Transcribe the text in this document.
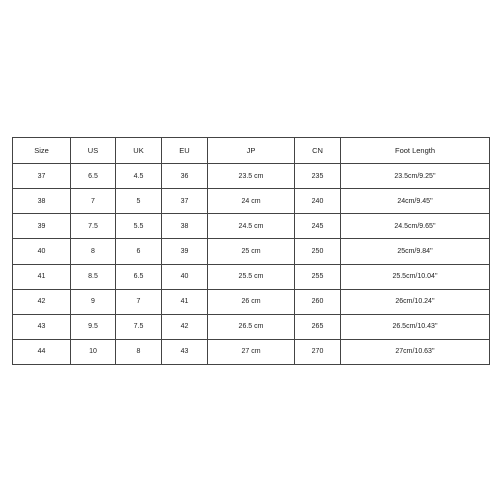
Size	US	UK	EU	JP	CN	Foot Length
37	6.5	4.5	36	23.5 cm	235	23.5cm/9.25''
38	7	5	37	24 cm	240	24cm/9.45''
39	7.5	5.5	38	24.5 cm	245	24.5cm/9.65''
40	8	6	39	25 cm	250	25cm/9.84''
41	8.5	6.5	40	25.5 cm	255	25.5cm/10.04''
42	9	7	41	26 cm	260	26cm/10.24''
43	9.5	7.5	42	26.5 cm	265	26.5cm/10.43''
44	10	8	43	27 cm	270	27cm/10.63''
